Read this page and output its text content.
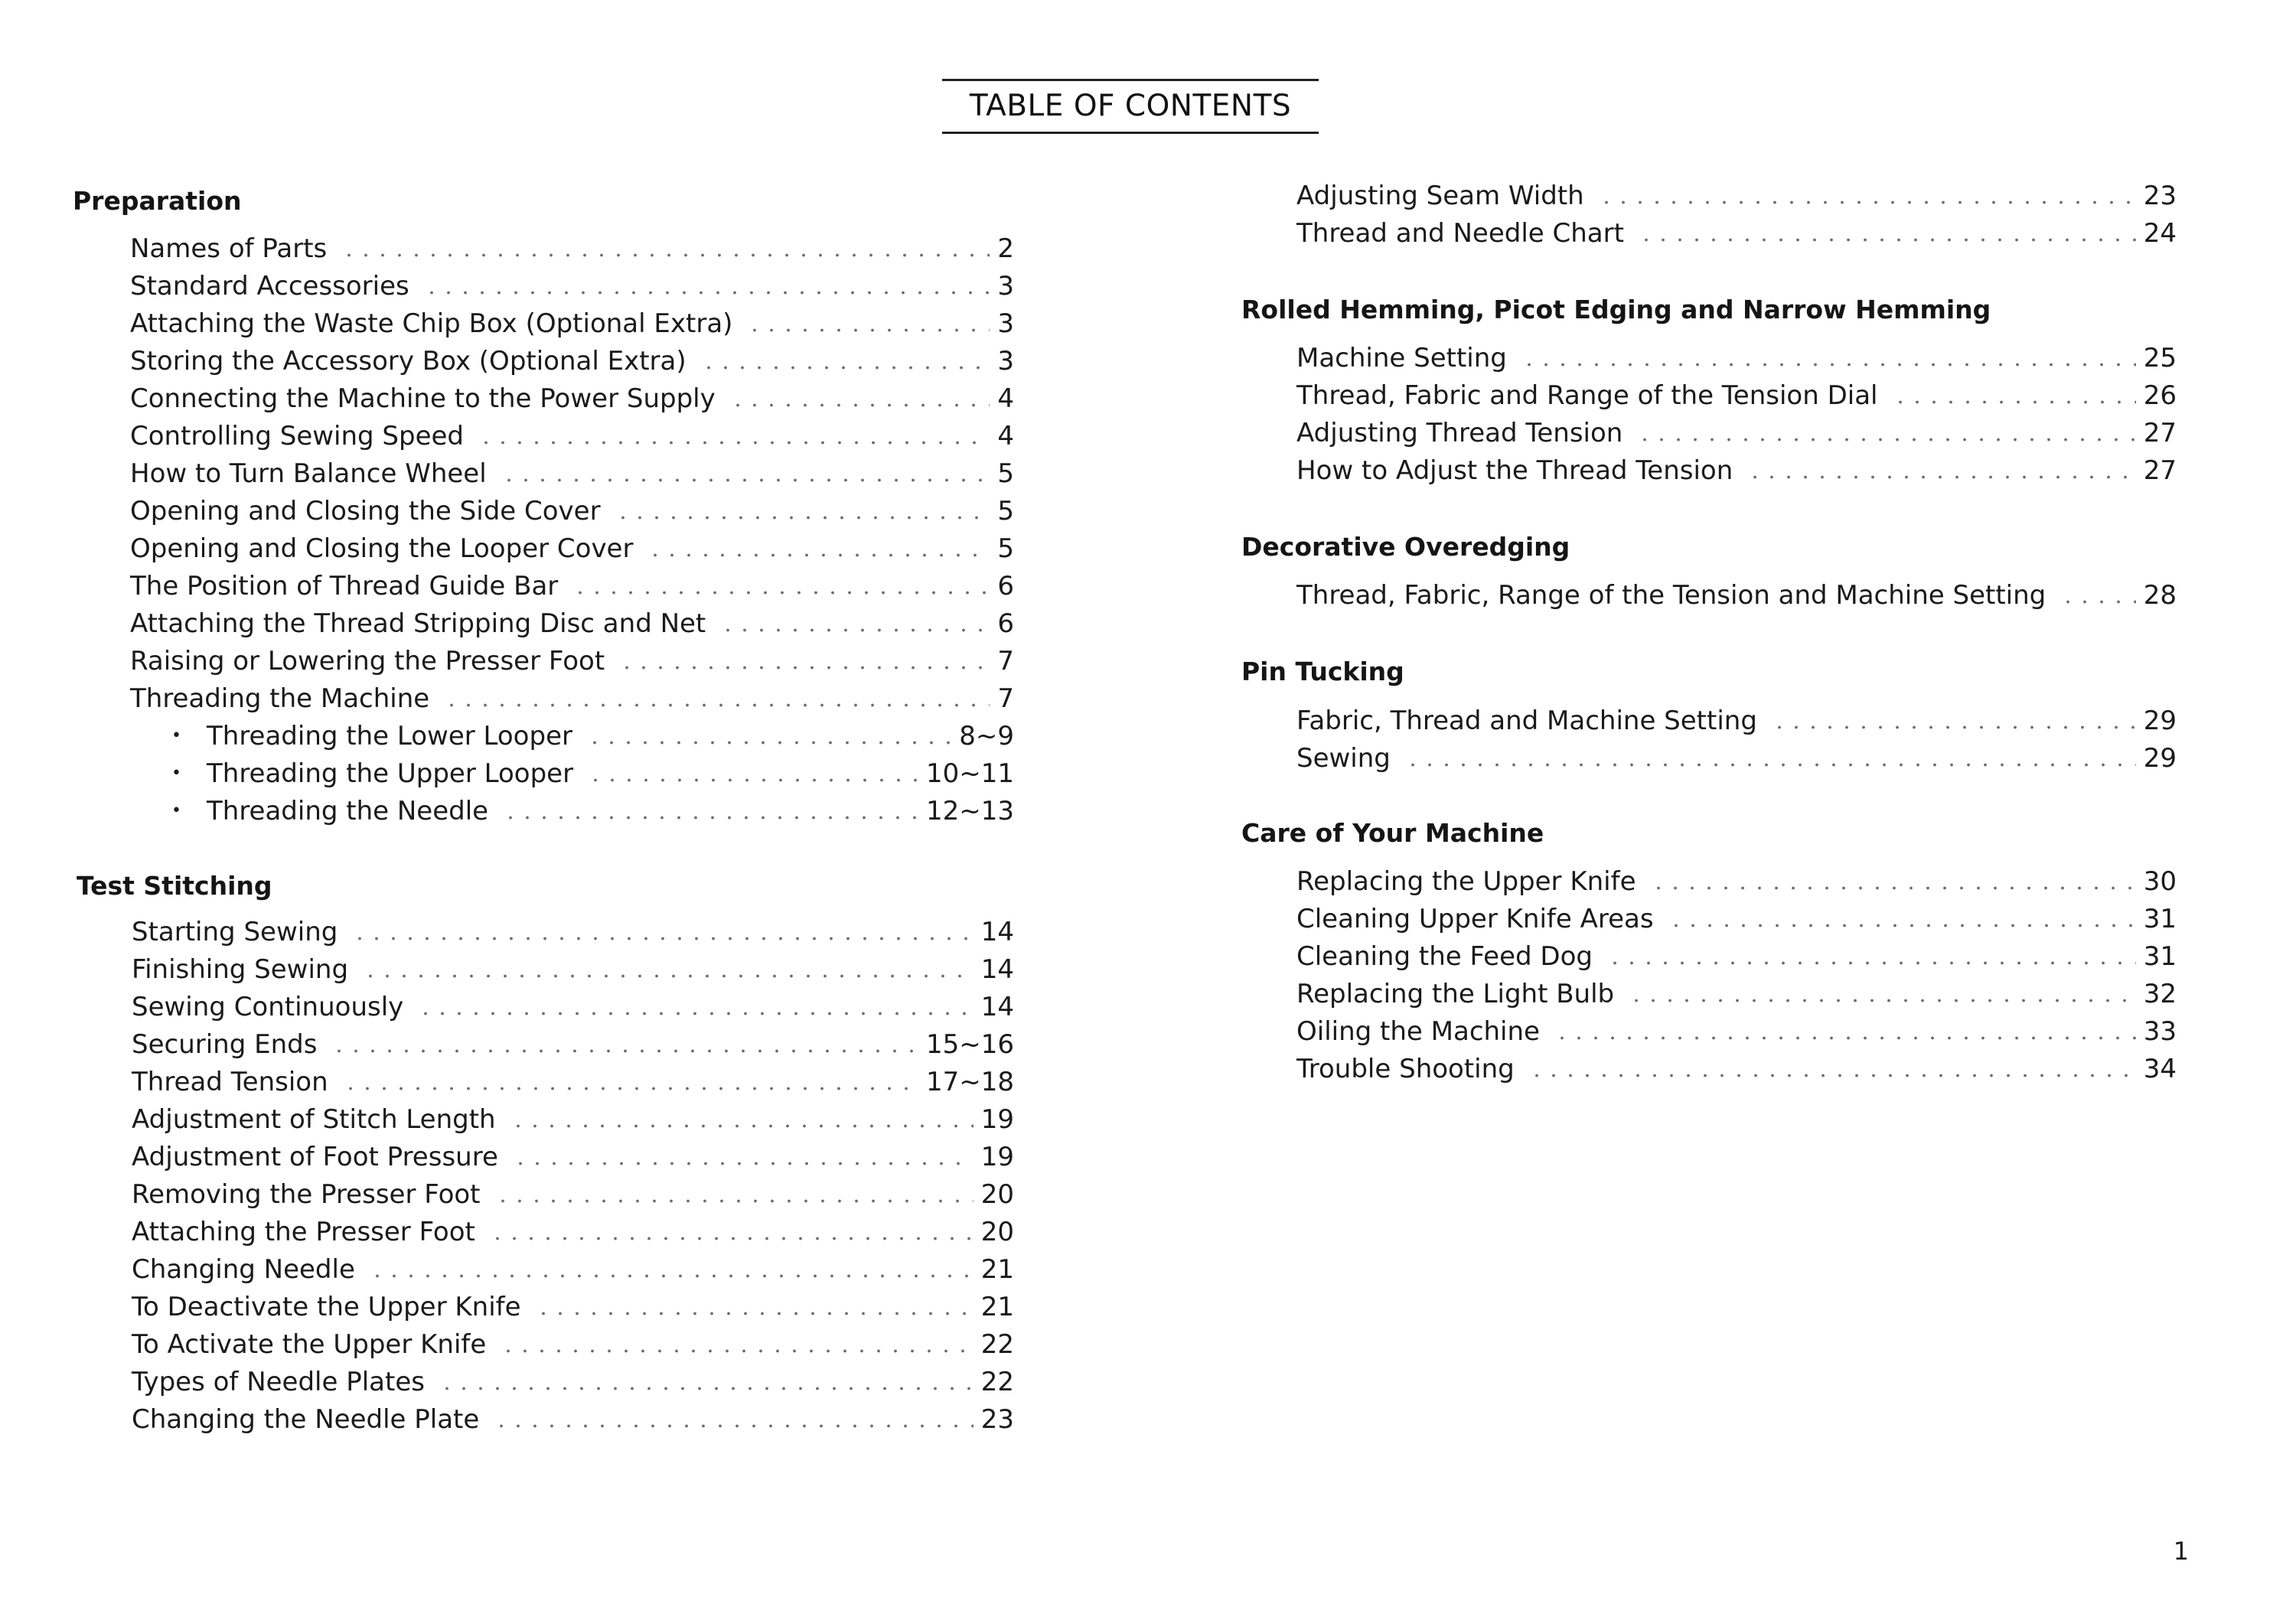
TABLE OF CONTENTS
Preparation
Names of Parts	2
Standard Accessories	3
Attaching the Waste Chip Box (Optional Extra)	3
Storing the Accessory Box (Optional Extra)	3
Connecting the Machine to the Power Supply	4
Controlling Sewing Speed	4
How to Turn Balance Wheel	5
Opening and Closing the Side Cover	5
Opening and Closing the Looper Cover	5
The Position of Thread Guide Bar	6
Attaching the Thread Stripping Disc and Net	6
Raising or Lowering the Presser Foot	7
Threading the Machine	7
• Threading the Lower Looper	8~9
• Threading the Upper Looper	10~11
• Threading the Needle	12~13
Test Stitching
Starting Sewing	14
Finishing Sewing	14
Sewing Continuously	14
Securing Ends	15~16
Thread Tension	17~18
Adjustment of Stitch Length	19
Adjustment of Foot Pressure	19
Removing the Presser Foot	20
Attaching the Presser Foot	20
Changing Needle	21
To Deactivate the Upper Knife	21
To Activate the Upper Knife	22
Types of Needle Plates	22
Changing the Needle Plate	23
Adjusting Seam Width	23
Thread and Needle Chart	24
Rolled Hemming, Picot Edging and Narrow Hemming
Machine Setting	25
Thread, Fabric and Range of the Tension Dial	26
Adjusting Thread Tension	27
How to Adjust the Thread Tension	27
Decorative Overedging
Thread, Fabric, Range of the Tension and Machine Setting	28
Pin Tucking
Fabric, Thread and Machine Setting	29
Sewing	29
Care of Your Machine
Replacing the Upper Knife	30
Cleaning Upper Knife Areas	31
Cleaning the Feed Dog	31
Replacing the Light Bulb	32
Oiling the Machine	33
Trouble Shooting	34
1
